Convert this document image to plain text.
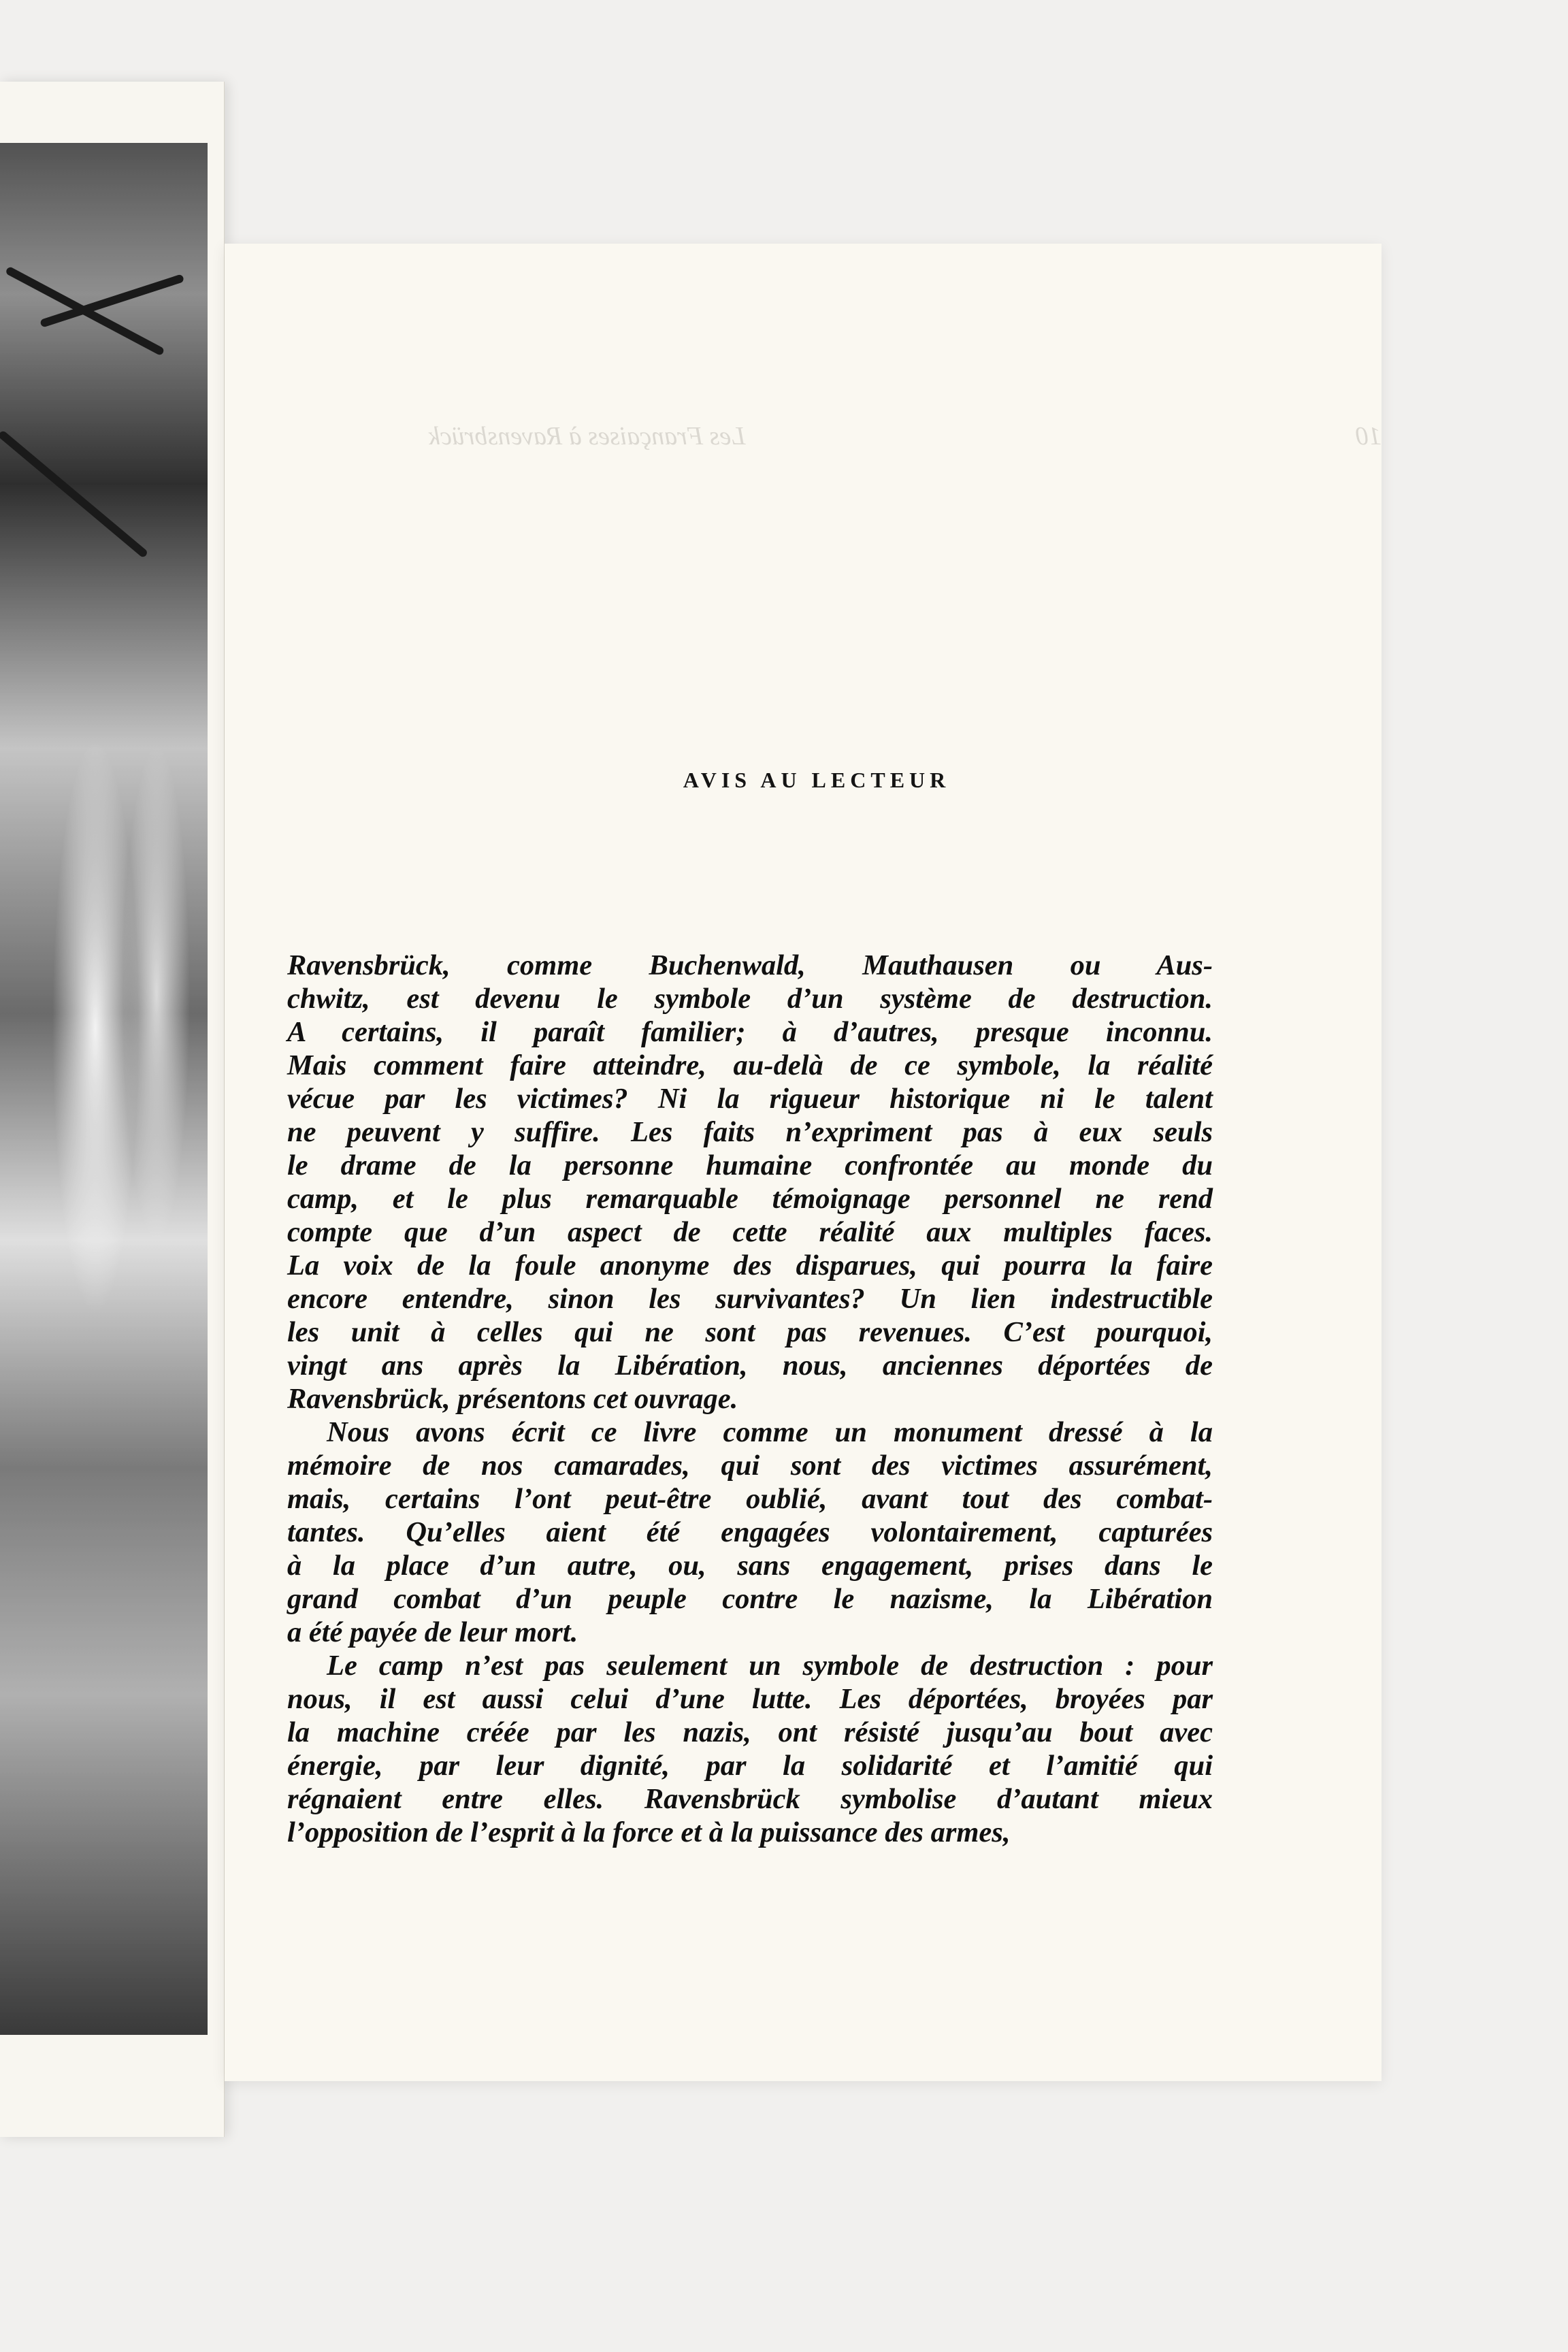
10
Les Françaises à Ravensbrück
AVIS AU LECTEUR
Ravensbrück, comme Buchenwald, Mauthausen ou Aus-
chwitz, est devenu le symbole d’un système de destruction.
A certains, il paraît familier; à d’autres, presque inconnu.
Mais comment faire atteindre, au-delà de ce symbole, la réalité
vécue par les victimes? Ni la rigueur historique ni le talent
ne peuvent y suffire. Les faits n’expriment pas à eux seuls
le drame de la personne humaine confrontée au monde du
camp, et le plus remarquable témoignage personnel ne rend
compte que d’un aspect de cette réalité aux multiples faces.
La voix de la foule anonyme des disparues, qui pourra la faire
encore entendre, sinon les survivantes? Un lien indestructible
les unit à celles qui ne sont pas revenues. C’est pourquoi,
vingt ans après la Libération, nous, anciennes déportées de
Ravensbrück, présentons cet ouvrage.
Nous avons écrit ce livre comme un monument dressé à la
mémoire de nos camarades, qui sont des victimes assurément,
mais, certains l’ont peut-être oublié, avant tout des combat-
tantes. Qu’elles aient été engagées volontairement, capturées
à la place d’un autre, ou, sans engagement, prises dans le
grand combat d’un peuple contre le nazisme, la Libération
a été payée de leur mort.
Le camp n’est pas seulement un symbole de destruction : pour
nous, il est aussi celui d’une lutte. Les déportées, broyées par
la machine créée par les nazis, ont résisté jusqu’au bout avec
énergie, par leur dignité, par la solidarité et l’amitié qui
régnaient entre elles. Ravensbrück symbolise d’autant mieux
l’opposition de l’esprit à la force et à la puissance des armes,
